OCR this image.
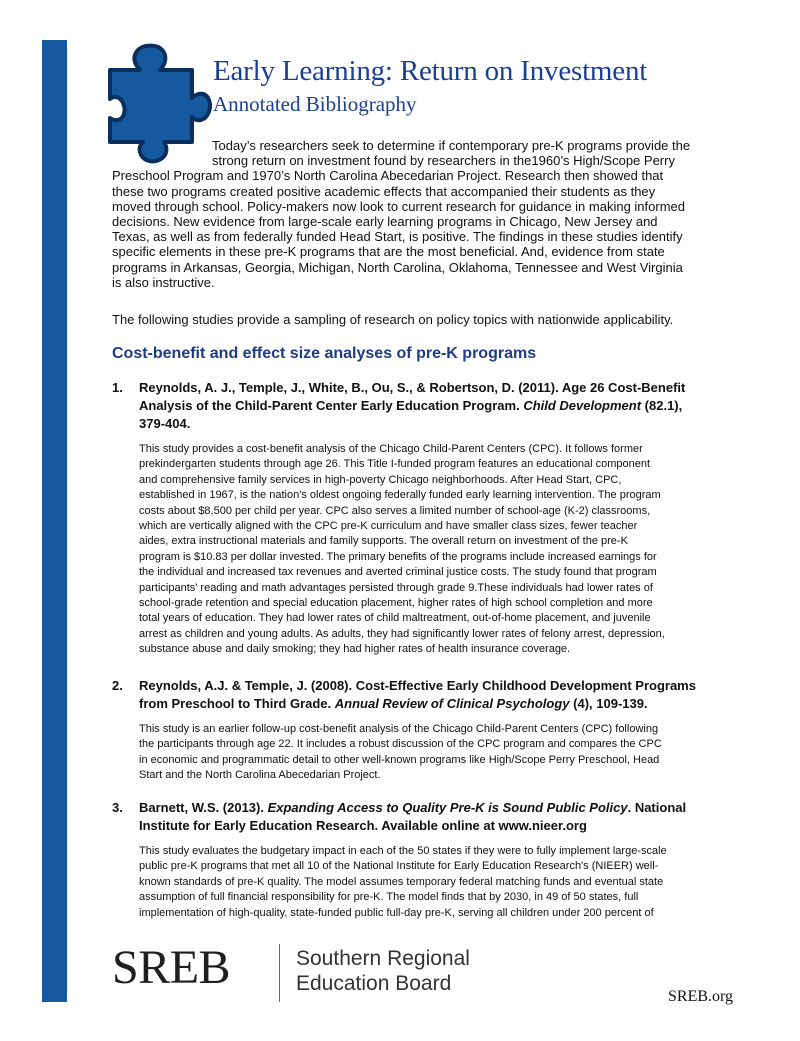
Early Learning: Return on Investment
Annotated Bibliography
Today’s researchers seek to determine if contemporary pre-K programs provide the
strong return on investment found by researchers in the1960’s High/Scope Perry
Preschool Program and 1970’s North Carolina Abecedarian Project. Research then showed that
these two programs created positive academic effects that accompanied their students as they
moved through school. Policy-makers now look to current research for guidance in making informed
decisions. New evidence from large-scale early learning programs in Chicago, New Jersey and
Texas, as well as from federally funded Head Start, is positive. The findings in these studies identify
specific elements in these pre-K programs that are the most beneficial. And, evidence from state
programs in Arkansas, Georgia, Michigan, North Carolina, Oklahoma, Tennessee and West Virginia
is also instructive.
The following studies provide a sampling of research on policy topics with nationwide applicability.
Cost-benefit and effect size analyses of pre-K programs
1. Reynolds, A. J., Temple, J., White, B., Ou, S., & Robertson, D. (2011). Age 26 Cost-Benefit
Analysis of the Child-Parent Center Early Education Program. Child Development (82.1),
379-404.
This study provides a cost-benefit analysis of the Chicago Child-Parent Centers (CPC). It follows former
prekindergarten students through age 26. This Title I-funded program features an educational component
and comprehensive family services in high-poverty Chicago neighborhoods. After Head Start, CPC,
established in 1967, is the nation's oldest ongoing federally funded early learning intervention. The program
costs about $8,500 per child per year. CPC also serves a limited number of school-age (K-2) classrooms,
which are vertically aligned with the CPC pre-K curriculum and have smaller class sizes, fewer teacher
aides, extra instructional materials and family supports. The overall return on investment of the pre-K
program is $10.83 per dollar invested. The primary benefits of the programs include increased earnings for
the individual and increased tax revenues and averted criminal justice costs. The study found that program
participants' reading and math advantages persisted through grade 9.These individuals had lower rates of
school-grade retention and special education placement, higher rates of high school completion and more
total years of education. They had lower rates of child maltreatment, out-of-home placement, and juvenile
arrest as children and young adults. As adults, they had significantly lower rates of felony arrest, depression,
substance abuse and daily smoking; they had higher rates of health insurance coverage.
2. Reynolds, A.J. & Temple, J. (2008). Cost-Effective Early Childhood Development Programs
from Preschool to Third Grade. Annual Review of Clinical Psychology (4), 109-139.
This study is an earlier follow-up cost-benefit analysis of the Chicago Child-Parent Centers (CPC) following
the participants through age 22. It includes a robust discussion of the CPC program and compares the CPC
in economic and programmatic detail to other well-known programs like High/Scope Perry Preschool, Head
Start and the North Carolina Abecedarian Project.
3. Barnett, W.S. (2013). Expanding Access to Quality Pre-K is Sound Public Policy. National
Institute for Early Education Research. Available online at www.nieer.org
This study evaluates the budgetary impact in each of the 50 states if they were to fully implement large-scale
public pre-K programs that met all 10 of the National Institute for Early Education Research's (NIEER) well-
known standards of pre-K quality. The model assumes temporary federal matching funds and eventual state
assumption of full financial responsibility for pre-K. The model finds that by 2030, in 49 of 50 states, full
implementation of high-quality, state-funded public full-day pre-K, serving all children under 200 percent of
SREB	Southern Regional
Education Board
SREB.org
